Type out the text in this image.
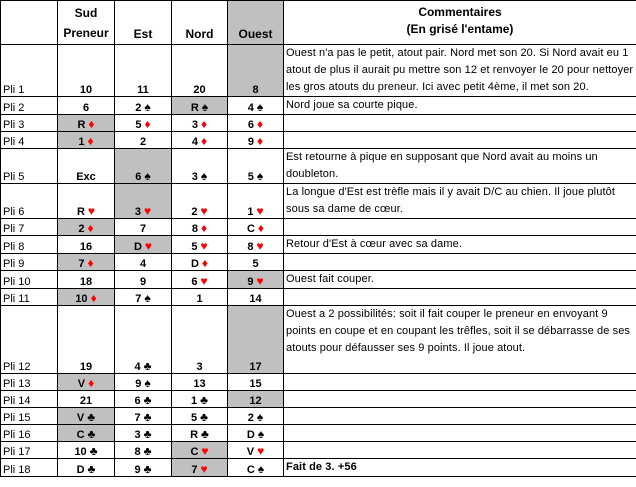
	Sud
Preneur	Est	Nord	Ouest	Commentaires
(En grisé l'entame)
Pli 1	10	11	20	8	Ouest n'a pas le petit, atout pair. Nord met son 20. Si Nord avait eu 1 atout de plus il aurait pu mettre son 12 et renvoyer le 20 pour nettoyer les gros atouts du preneur. Ici avec petit 4ème, il met son 20.
Pli 2	6	2 ♠	R ♠	4 ♠	Nord joue sa courte pique.
Pli 3	R ♦	5 ♦	3 ♦	6 ♦	
Pli 4	1 ♦	2	4 ♦	9 ♦	
Pli 5	Exc	6 ♠	3 ♠	5 ♠	Est retourne à pique en supposant que Nord avait au moins un doubleton.
Pli 6	R ♥	3 ♥	2 ♥	1 ♥	La longue d'Est est trèfle mais il y avait D/C au chien. Il joue plutôt sous sa dame de cœur.
Pli 7	2 ♦	7	8 ♦	C ♦	
Pli 8	16	D ♥	5 ♥	8 ♥	Retour d'Est à cœur avec sa dame.
Pli 9	7 ♦	4	D ♦	5	
Pli 10	18	9	6 ♥	9 ♥	Ouest fait couper.
Pli 11	10 ♦	7 ♠	1	14	
Pli 12	19	4 ♣	3	17	Ouest a 2 possibilités: soit il fait couper le preneur en envoyant 9 points en coupe et en coupant les trêfles, soit il se débarrasse de ses atouts pour défausser ses 9 points. Il joue atout.
Pli 13	V ♦	9 ♠	13	15	
Pli 14	21	6 ♣	1 ♣	12	
Pli 15	V ♣	7 ♣	5 ♣	2 ♠	
Pli 16	C ♣	3 ♣	R ♣	D ♠	
Pli 17	10 ♣	8 ♣	C ♥	V ♥	
Pli 18	D ♣	9 ♣	7 ♥	C ♠	Fait de 3. +56
